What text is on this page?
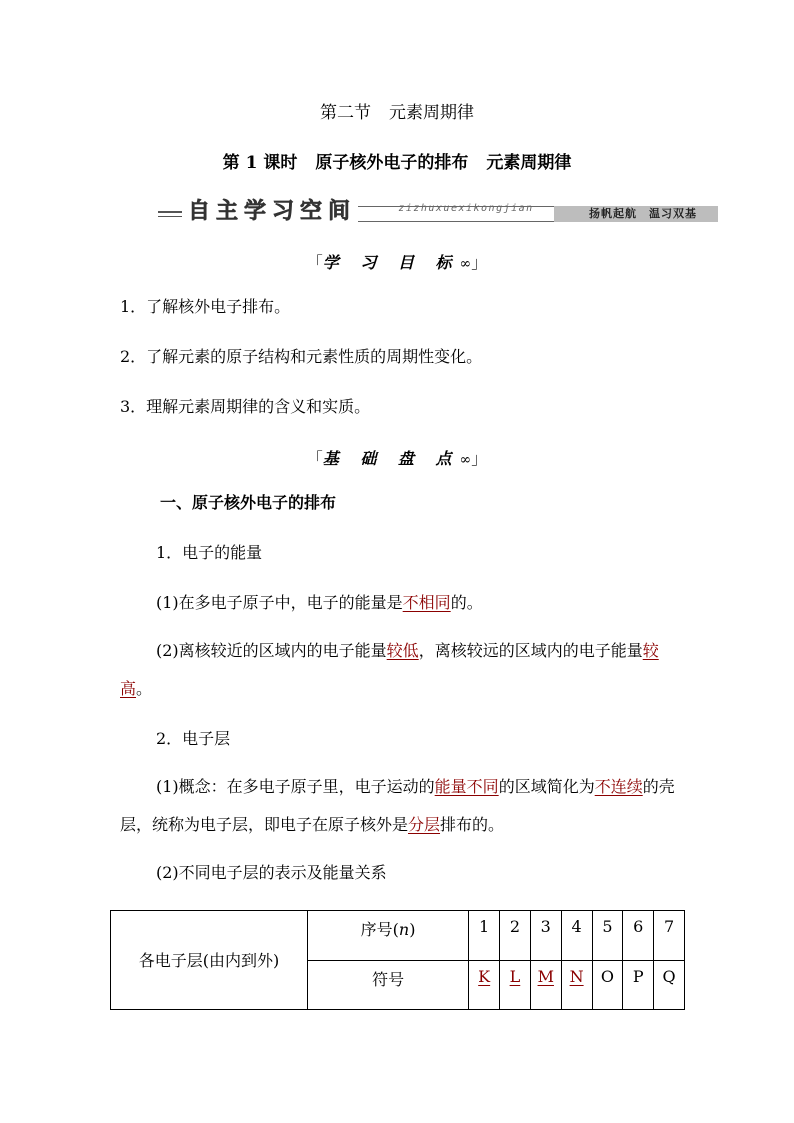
第二节 元素周期律
第 1 课时 原子核外电子的排布 元素周期律
zizhuxuexikongjian	扬帆起航　温习双基
自主学习空间
「学 习 目 标∞」
1．了解核外电子排布。
2．了解元素的原子结构和元素性质的周期性变化。
3．理解元素周期律的含义和实质。
「基 础 盘 点∞」
一、原子核外电子的排布
1．电子的能量
(1)在多电子原子中，电子的能量是不相同的。
(2)离核较近的区域内的电子能量较低，离核较远的区域内的电子能量较高。
2．电子层
(1)概念：在多电子原子里，电子运动的能量不同的区域简化为不连续的壳层，统称为电子层，即电子在原子核外是分层排布的。
(2)不同电子层的表示及能量关系
各电子层(由内到外)	序号(n)	1	2	3	4	5	6	7
	符号	K	L	M	N	O	P	Q
